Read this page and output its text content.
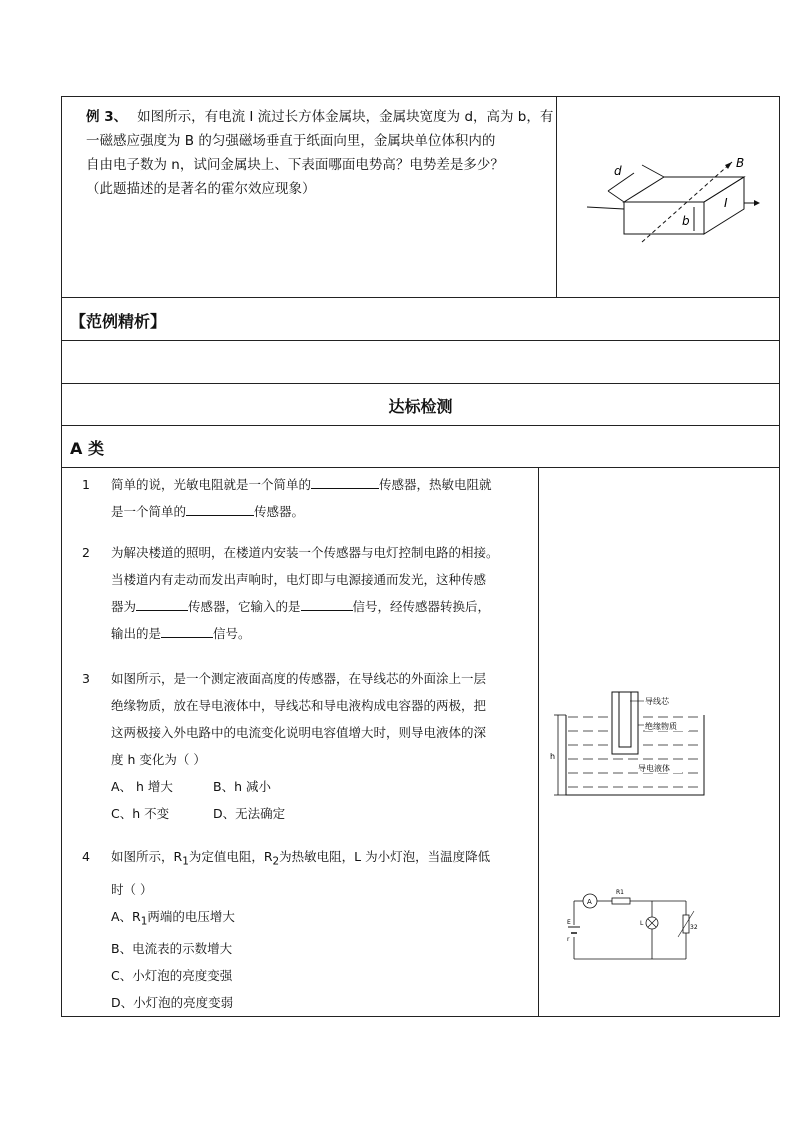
例 3、 如图所示，有电流 I 流过长方体金属块，金属块宽度为 d，高为 b，有
一磁感应强度为 B 的匀强磁场垂直于纸面向里，金属块单位体积内的
自由电子数为 n，试问金属块上、下表面哪面电势高？电势差是多少？
（此题描述的是著名的霍尔效应现象）
d
b
I
B
【范例精析】
达标检测
A 类
1	简单的说，光敏电阻就是一个简单的	传感器，热敏电阻就
是一个简单的	传感器。
2	为解决楼道的照明，在楼道内安装一个传感器与电灯控制电路的相接。
当楼道内有走动而发出声响时，电灯即与电源接通而发光，这种传感
器为	传感器，它输入的是	信号，经传感器转换后，
输出的是	信号。
3	如图所示，是一个测定液面高度的传感器，在导线芯的外面涂上一层
绝缘物质，放在导电液体中，导线芯和导电液构成电容器的两极，把
这两极接入外电路中的电流变化说明电容值增大时，则导电液体的深
度 h 变化为（ ）
A、 h 增大	B、h 减小
C、h 不变	D、无法确定
h
导线芯
绝缘物质
导电液体
4	如图所示，$R_1$为定值电阻，$R_2$为热敏电阻，L 为小灯泡，当温度降低
时（ ）
A、$R_1$两端的电压增大
B、电流表的示数增大
C、小灯泡的亮度变强
D、小灯泡的亮度变弱
A
R1
E
r
L
32
